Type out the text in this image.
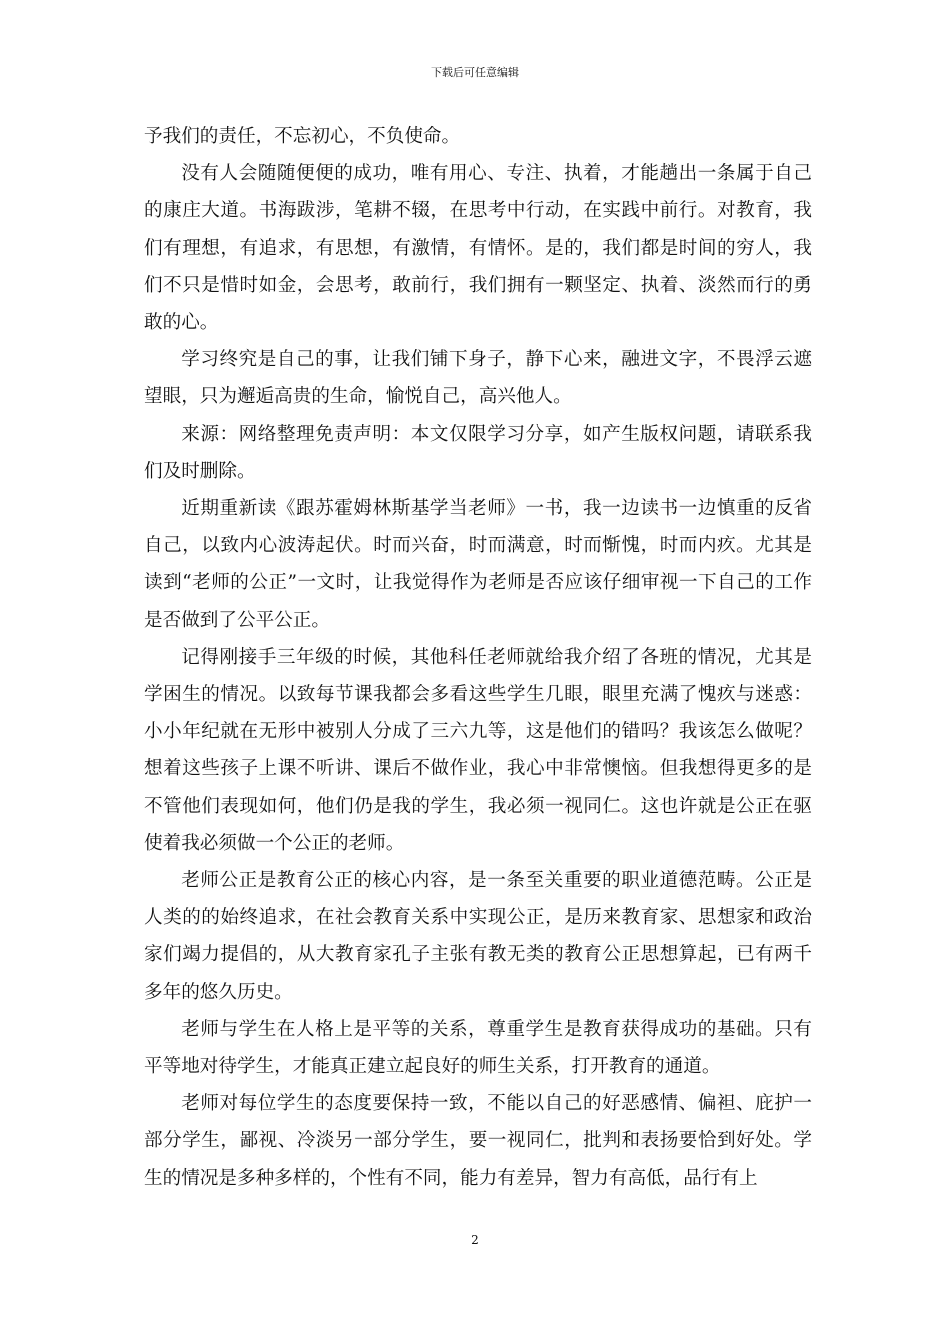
下载后可任意编辑

予我们的责任，不忘初心，不负使命。

没有人会随随便便的成功，唯有用心、专注、执着，才能趟出一条属于自己的康庄大道。书海跋涉，笔耕不辍，在思考中行动，在实践中前行。对教育，我们有理想，有追求，有思想，有激情，有情怀。是的，我们都是时间的穷人，我们不只是惜时如金，会思考，敢前行，我们拥有一颗坚定、执着、淡然而行的勇敢的心。

学习终究是自己的事，让我们铺下身子，静下心来，融进文字，不畏浮云遮望眼，只为邂逅高贵的生命，愉悦自己，高兴他人。

来源：网络整理免责声明：本文仅限学习分享，如产生版权问题，请联系我们及时删除。

近期重新读《跟苏霍姆林斯基学当老师》一书，我一边读书一边慎重的反省自己，以致内心波涛起伏。时而兴奋，时而满意，时而惭愧，时而内疚。尤其是读到“老师的公正”一文时，让我觉得作为老师是否应该仔细审视一下自己的工作是否做到了公平公正。

记得刚接手三年级的时候，其他科任老师就给我介绍了各班的情况，尤其是学困生的情况。以致每节课我都会多看这些学生几眼，眼里充满了愧疚与迷惑：小小年纪就在无形中被别人分成了三六九等，这是他们的错吗？我该怎么做呢？想着这些孩子上课不听讲、课后不做作业，我心中非常懊恼。但我想得更多的是不管他们表现如何，他们仍是我的学生，我必须一视同仁。这也许就是公正在驱使着我必须做一个公正的老师。

老师公正是教育公正的核心内容，是一条至关重要的职业道德范畴。公正是人类的的始终追求，在社会教育关系中实现公正，是历来教育家、思想家和政治家们竭力提倡的，从大教育家孔子主张有教无类的教育公正思想算起，已有两千多年的悠久历史。

老师与学生在人格上是平等的关系，尊重学生是教育获得成功的基础。只有平等地对待学生，才能真正建立起良好的师生关系，打开教育的通道。

老师对每位学生的态度要保持一致，不能以自己的好恶感情、偏袒、庇护一部分学生，鄙视、冷淡另一部分学生，要一视同仁，批判和表扬要恰到好处。学生的情况是多种多样的，个性有不同，能力有差异，智力有高低，品行有上

2
